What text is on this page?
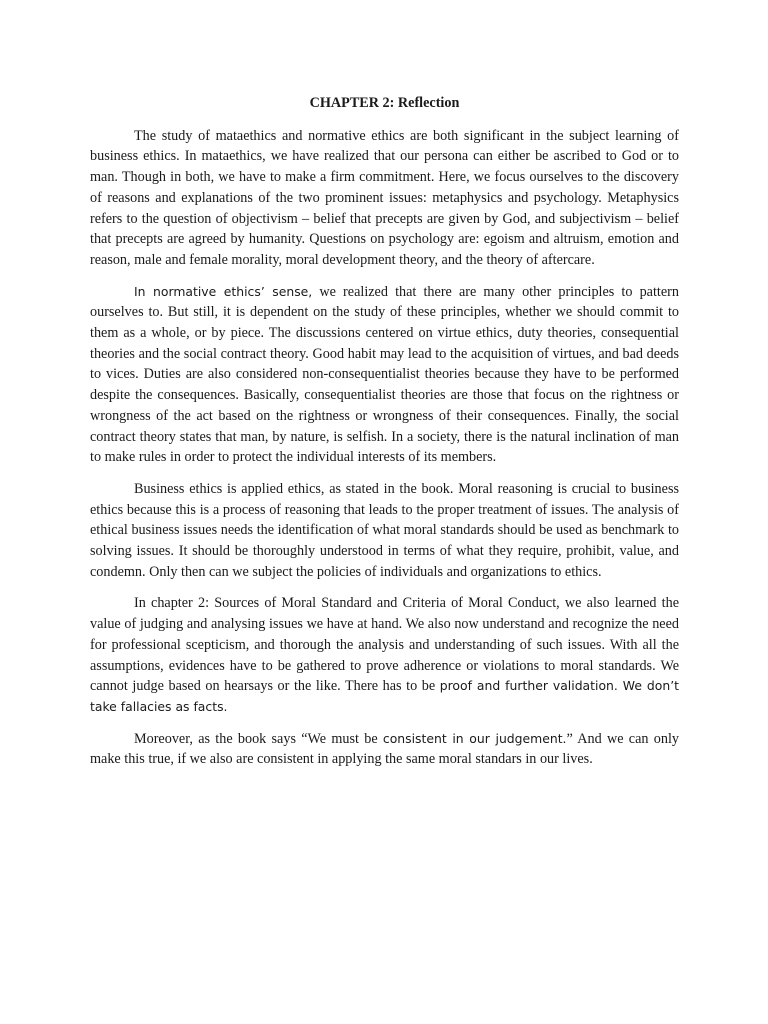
CHAPTER 2: Reflection

The study of mataethics and normative ethics are both significant in the subject learning of business ethics. In mataethics, we have realized that our persona can either be ascribed to God or to man. Though in both, we have to make a firm commitment. Here, we focus ourselves to the discovery of reasons and explanations of the two prominent issues: metaphysics and psychology. Metaphysics refers to the question of objectivism – belief that precepts are given by God, and subjectivism – belief that precepts are agreed by humanity. Questions on psychology are: egoism and altruism, emotion and reason, male and female morality, moral development theory, and the theory of aftercare.

In normative ethics’ sense, we realized that there are many other principles to pattern ourselves to. But still, it is dependent on the study of these principles, whether we should commit to them as a whole, or by piece. The discussions centered on virtue ethics, duty theories, consequential theories and the social contract theory. Good habit may lead to the acquisition of virtues, and bad deeds to vices. Duties are also considered non-consequentialist theories because they have to be performed despite the consequences. Basically, consequentialist theories are those that focus on the rightness or wrongness of the act based on the rightness or wrongness of their consequences. Finally, the social contract theory states that man, by nature, is selfish. In a society, there is the natural inclination of man to make rules in order to protect the individual interests of its members.

Business ethics is applied ethics, as stated in the book. Moral reasoning is crucial to business ethics because this is a process of reasoning that leads to the proper treatment of issues. The analysis of ethical business issues needs the identification of what moral standards should be used as benchmark to solving issues. It should be thoroughly understood in terms of what they require, prohibit, value, and condemn. Only then can we subject the policies of individuals and organizations to ethics.

In chapter 2: Sources of Moral Standard and Criteria of Moral Conduct, we also learned the value of judging and analysing issues we have at hand. We also now understand and recognize the need for professional scepticism, and thorough the analysis and understanding of such issues. With all the assumptions, evidences have to be gathered to prove adherence or violations to moral standards. We cannot judge based on hearsays or the like. There has to be proof and further validation. We don’t take fallacies as facts.

Moreover, as the book says “We must be consistent in our judgement.” And we can only make this true, if we also are consistent in applying the same moral standars in our lives.
